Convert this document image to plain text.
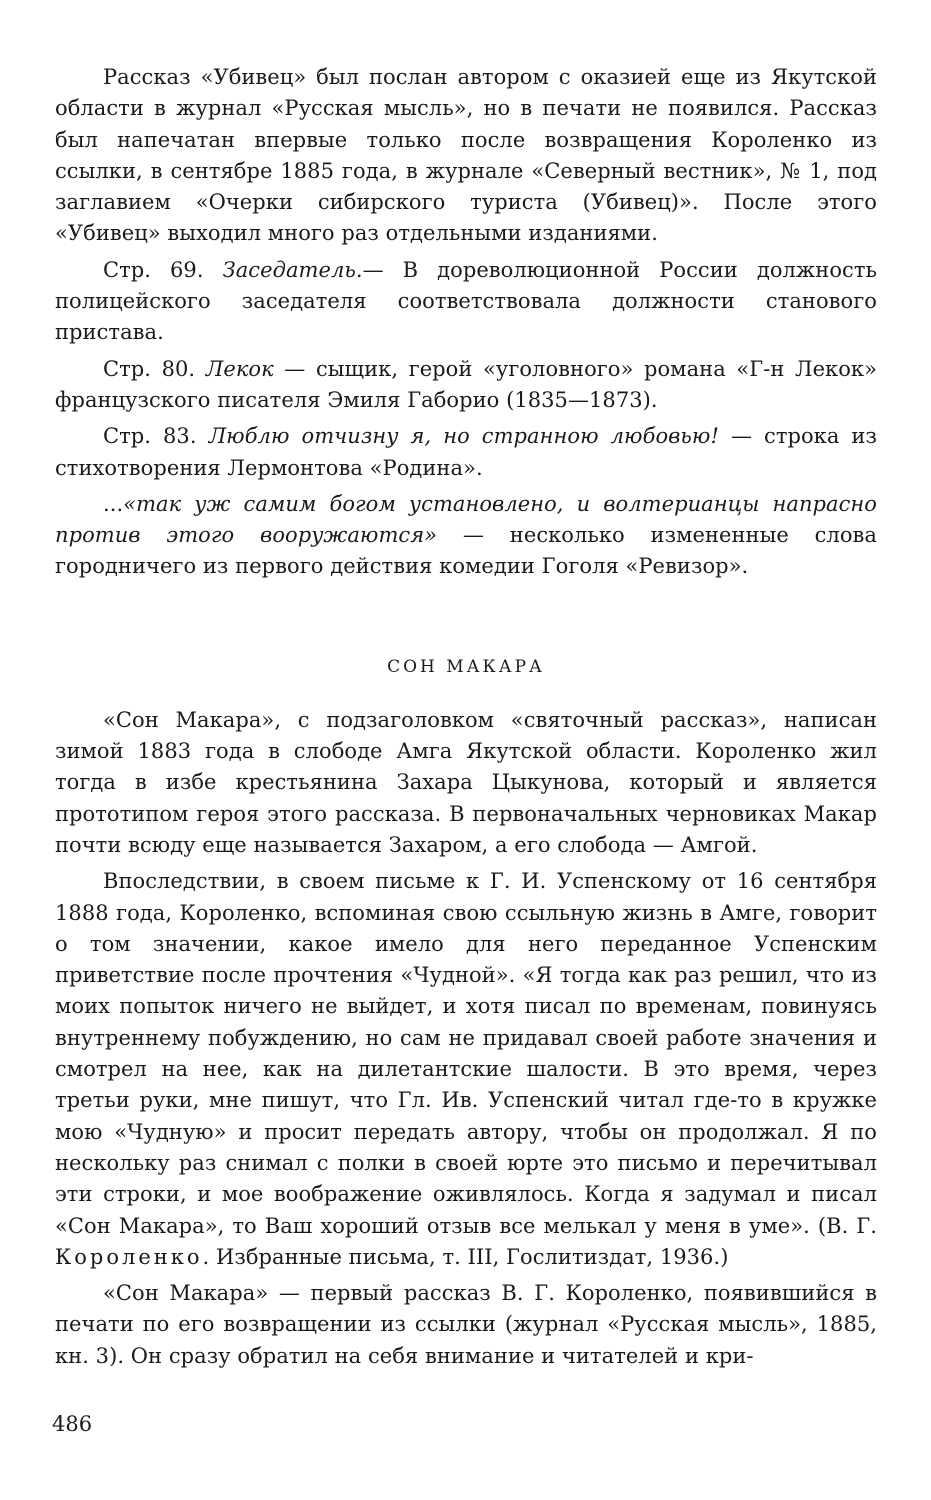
Рассказ «Убивец» был послан автором с оказией еще из Якутской области в журнал «Русская мысль», но в печати не появился. Рассказ был напечатан впервые только после возвращения Короленко из ссылки, в сентябре 1885 года, в журнале «Северный вестник», № 1, под заглавием «Очерки сибирского туриста (Убивец)». После этого «Убивец» выходил много раз отдельными изданиями.

Стр. 69. Заседатель.— В дореволюционной России должность полицейского заседателя соответствовала должности станового пристава.

Стр. 80. Лекок — сыщик, герой «уголовного» романа «Г-н Лекок» французского писателя Эмиля Габорио (1835—1873).

Стр. 83. Люблю отчизну я, но странною любовью! — строка из стихотворения Лермонтова «Родина».

...«так уж самим богом установлено, и волтерианцы напрасно против этого вооружаются» — несколько измененные слова городничего из первого действия комедии Гоголя «Ревизор».

СОН МАКАРА

«Сон Макара», с подзаголовком «святочный рассказ», написан зимой 1883 года в слободе Амга Якутской области. Короленко жил тогда в избе крестьянина Захара Цыкунова, который и является прототипом героя этого рассказа. В первоначальных черновиках Макар почти всюду еще называется Захаром, а его слобода — Амгой.

Впоследствии, в своем письме к Г. И. Успенскому от 16 сентября 1888 года, Короленко, вспоминая свою ссыльную жизнь в Амге, говорит о том значении, какое имело для него переданное Успенским приветствие после прочтения «Чудной». «Я тогда как раз решил, что из моих попыток ничего не выйдет, и хотя писал по временам, повинуясь внутреннему побуждению, но сам не придавал своей работе значения и смотрел на нее, как на дилетантские шалости. В это время, через третьи руки, мне пишут, что Гл. Ив. Успенский читал где-то в кружке мою «Чудную» и просит передать автору, чтобы он продолжал. Я по нескольку раз снимал с полки в своей юрте это письмо и перечитывал эти строки, и мое воображение оживлялось. Когда я задумал и писал «Сон Макара», то Ваш хороший отзыв все мелькал у меня в уме». (В. Г. Короленко. Избранные письма, т. III, Гослитиздат, 1936.)

«Сон Макара» — первый рассказ В. Г. Короленко, появившийся в печати по его возвращении из ссылки (журнал «Русская мысль», 1885, кн. 3). Он сразу обратил на себя внимание и читателей и кри-

486
